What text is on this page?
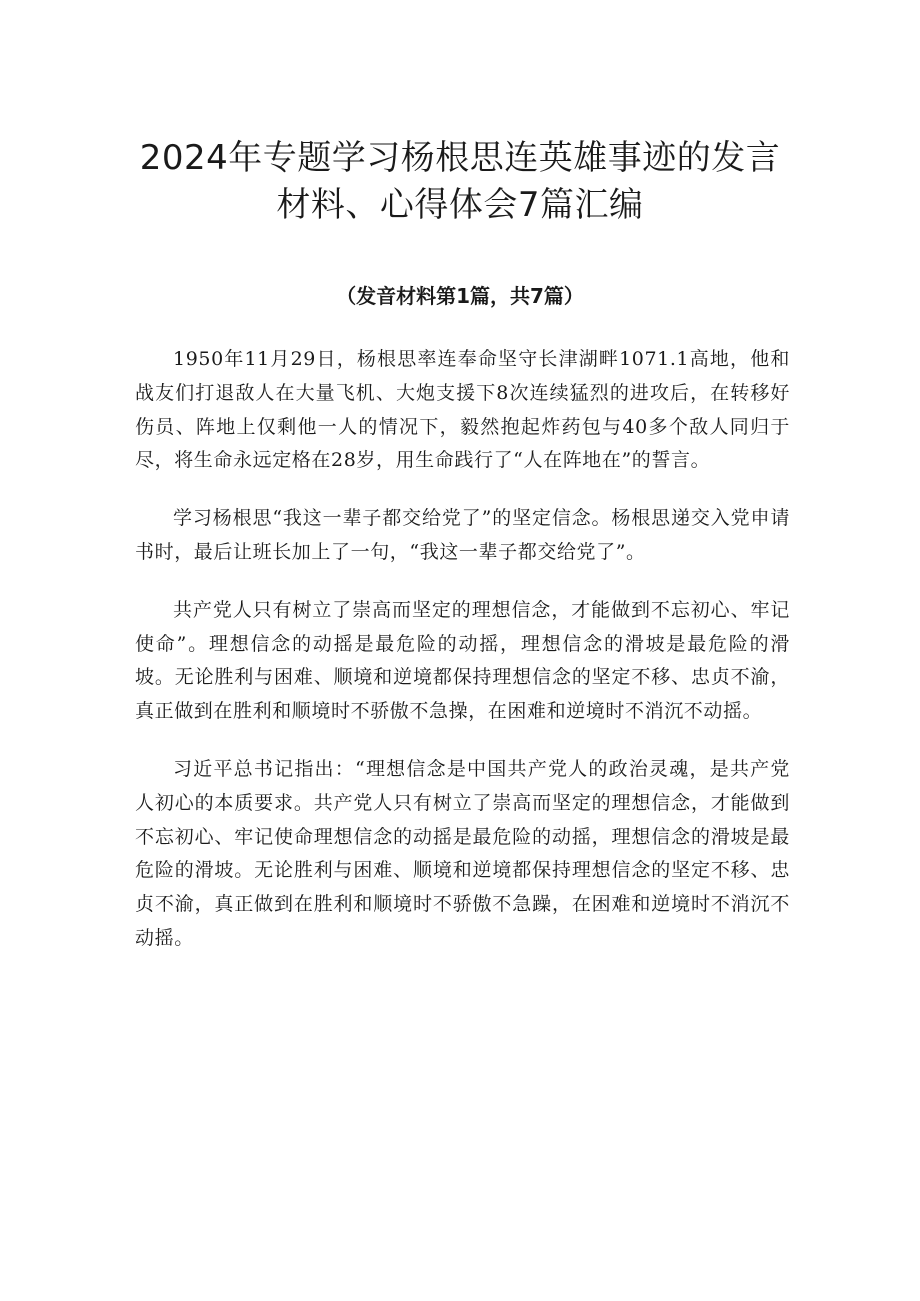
2024年专题学习杨根思连英雄事迹的发言
材料、心得体会7篇汇编
（发音材料第1篇，共7篇）

1950年11月29日，杨根思率连奉命坚守长津湖畔1071.1高地，他和战友们打退敌人在大量飞机、大炮支援下8次连续猛烈的进攻后，在转移好伤员、阵地上仅剩他一人的情况下，毅然抱起炸药包与40多个敌人同归于尽，将生命永远定格在28岁，用生命践行了“人在阵地在”的誓言。

学习杨根思“我这一辈子都交给党了”的坚定信念。杨根思递交入党申请书时，最后让班长加上了一句，“我这一辈子都交给党了”。

共产党人只有树立了崇高而坚定的理想信念，才能做到不忘初心、牢记使命”。理想信念的动摇是最危险的动摇，理想信念的滑坡是最危险的滑坡。无论胜利与困难、顺境和逆境都保持理想信念的坚定不移、忠贞不渝，真正做到在胜利和顺境时不骄傲不急操，在困难和逆境时不消沉不动摇。

习近平总书记指出：“理想信念是中国共产党人的政治灵魂，是共产党人初心的本质要求。共产党人只有树立了崇高而坚定的理想信念，才能做到不忘初心、牢记使命理想信念的动摇是最危险的动摇，理想信念的滑坡是最危险的滑坡。无论胜利与困难、顺境和逆境都保持理想信念的坚定不移、忠贞不渝，真正做到在胜利和顺境时不骄傲不急躁，在困难和逆境时不消沉不动摇。
